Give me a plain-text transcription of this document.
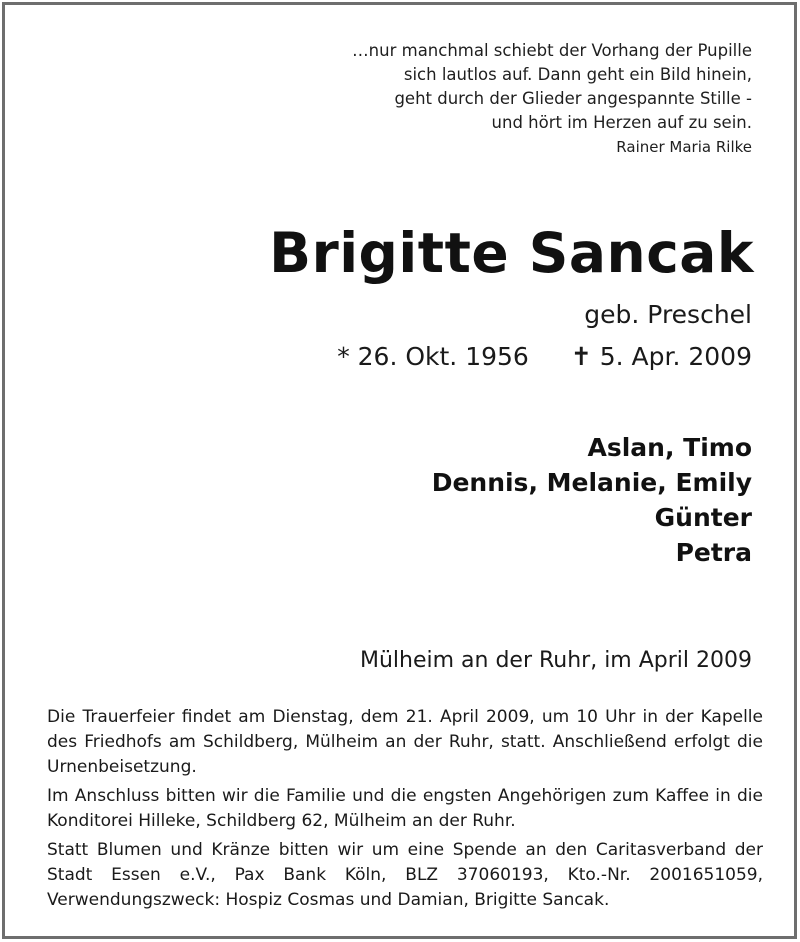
…nur manchmal schiebt der Vorhang der Pupille
sich lautlos auf. Dann geht ein Bild hinein,
geht durch der Glieder angespannte Stille -
und hört im Herzen auf zu sein.
Rainer Maria Rilke
Brigitte Sancak
geb. Preschel
* 26. Okt. 1956 ✝ 5. Apr. 2009
Aslan, Timo
Dennis, Melanie, Emily
Günter
Petra
Mülheim an der Ruhr, im April 2009

Die Trauerfeier findet am Dienstag, dem 21. April 2009, um 10 Uhr in der Kapelle des Friedhofs am Schildberg, Mülheim an der Ruhr, statt. Anschließend erfolgt die Urnenbeisetzung.

Im Anschluss bitten wir die Familie und die engsten Angehörigen zum Kaffee in die Konditorei Hilleke, Schildberg 62, Mülheim an der Ruhr.

Statt Blumen und Kränze bitten wir um eine Spende an den Caritasverband der Stadt Essen e.V., Pax Bank Köln, BLZ 37060193, Kto.-Nr. 2001651059, Verwendungszweck: Hospiz Cosmas und Damian, Brigitte Sancak.
